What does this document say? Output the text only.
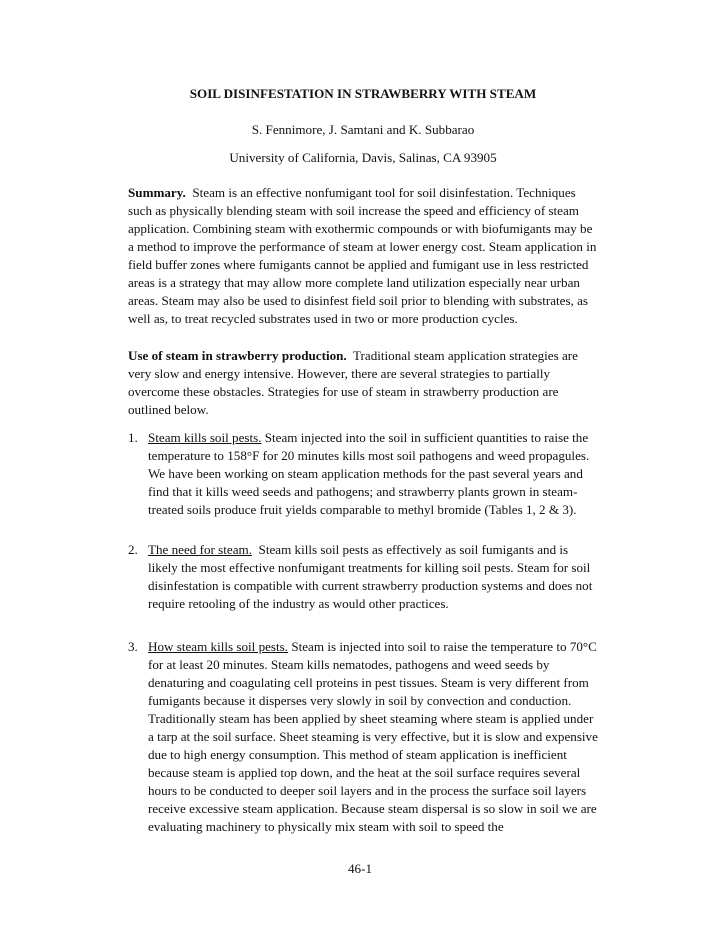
SOIL DISINFESTATION IN STRAWBERRY WITH STEAM

S. Fennimore, J. Samtani and K. Subbarao

University of California, Davis, Salinas, CA 93905

Summary. Steam is an effective nonfumigant tool for soil disinfestation. Techniques such as physically blending steam with soil increase the speed and efficiency of steam application. Combining steam with exothermic compounds or with biofumigants may be a method to improve the performance of steam at lower energy cost. Steam application in field buffer zones where fumigants cannot be applied and fumigant use in less restricted areas is a strategy that may allow more complete land utilization especially near urban areas. Steam may also be used to disinfest field soil prior to blending with substrates, as well as, to treat recycled substrates used in two or more production cycles.

Use of steam in strawberry production. Traditional steam application strategies are very slow and energy intensive. However, there are several strategies to partially overcome these obstacles. Strategies for use of steam in strawberry production are outlined below.

1. Steam kills soil pests. Steam injected into the soil in sufficient quantities to raise the temperature to 158°F for 20 minutes kills most soil pathogens and weed propagules. We have been working on steam application methods for the past several years and find that it kills weed seeds and pathogens; and strawberry plants grown in steam-treated soils produce fruit yields comparable to methyl bromide (Tables 1, 2 & 3).
2. The need for steam. Steam kills soil pests as effectively as soil fumigants and is likely the most effective nonfumigant treatments for killing soil pests. Steam for soil disinfestation is compatible with current strawberry production systems and does not require retooling of the industry as would other practices.
3. How steam kills soil pests. Steam is injected into soil to raise the temperature to 70°C for at least 20 minutes. Steam kills nematodes, pathogens and weed seeds by denaturing and coagulating cell proteins in pest tissues. Steam is very different from fumigants because it disperses very slowly in soil by convection and conduction. Traditionally steam has been applied by sheet steaming where steam is applied under a tarp at the soil surface. Sheet steaming is very effective, but it is slow and expensive due to high energy consumption. This method of steam application is inefficient because steam is applied top down, and the heat at the soil surface requires several hours to be conducted to deeper soil layers and in the process the surface soil layers receive excessive steam application. Because steam dispersal is so slow in soil we are evaluating machinery to physically mix steam with soil to speed the

46-1
